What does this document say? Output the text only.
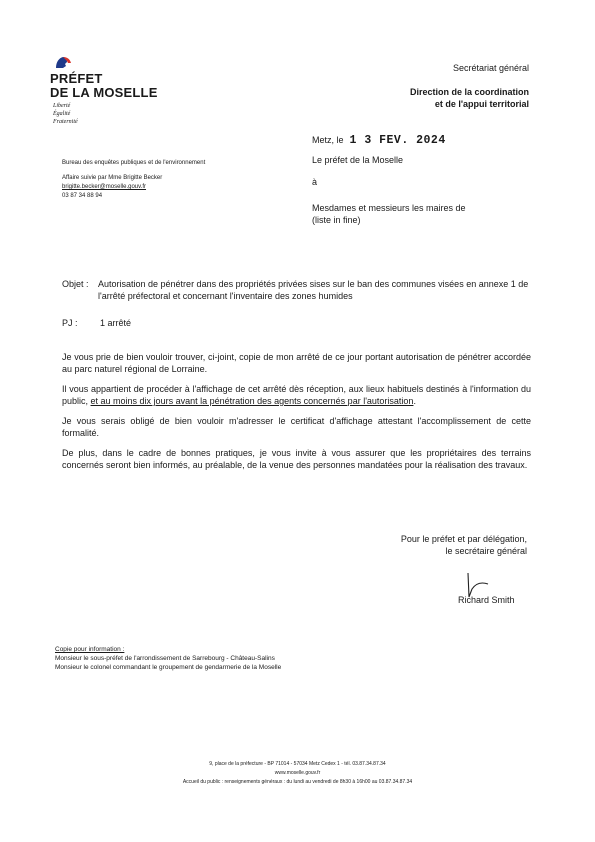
PRÉFET
DE LA MOSELLE
Liberté
Égalité
Fraternité
Secrétariat général
Direction de la coordination
et de l'appui territorial
Metz, le 1 3 FEV. 2024
Bureau des enquêtes publiques et de l'environnement
Affaire suivie par Mme Brigitte Becker
brigitte.becker@moselle.gouv.fr
03 87 34 88 94
Le préfet de la Moselle
à
Mesdames et messieurs les maires de
(liste in fine)
Objet :	Autorisation de pénétrer dans des propriétés privées sises sur le ban des communes visées en annexe 1 de l'arrêté préfectoral et concernant l'inventaire des zones humides
PJ :	1 arrêté

Je vous prie de bien vouloir trouver, ci-joint, copie de mon arrêté de ce jour portant autorisation de pénétrer accordée au parc naturel régional de Lorraine.

Il vous appartient de procéder à l'affichage de cet arrêté dès réception, aux lieux habituels destinés à l'information du public, et au moins dix jours avant la pénétration des agents concernés par l'autorisation.

Je vous serais obligé de bien vouloir m'adresser le certificat d'affichage attestant l'accomplissement de cette formalité.

De plus, dans le cadre de bonnes pratiques, je vous invite à vous assurer que les propriétaires des terrains concernés seront bien informés, au préalable, de la venue des personnes mandatées pour la réalisation des travaux.

Pour le préfet et par délégation,
le secrétaire général
Richard Smith
Copie pour information :
Monsieur le sous-préfet de l'arrondissement de Sarrebourg - Château-Salins
Monsieur le colonel commandant le groupement de gendarmerie de la Moselle
9, place de la préfecture - BP 71014 - 57034 Metz Cedex 1 - tél. 03.87.34.87.34
www.moselle.gouv.fr
Accueil du public : renseignements généraux : du lundi au vendredi de 8h30 à 16h00 au 03.87.34.87.34
